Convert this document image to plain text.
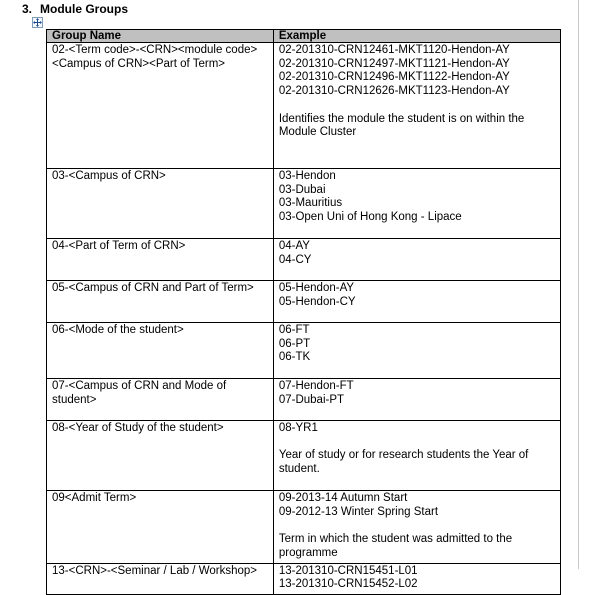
3. Module Groups
Group Name	Example

02-<Term code>-<CRN><module code><Campus of CRN><Part of Term>	02-201310-CRN12461-MKT1120-Hendon-AY
02-201310-CRN12497-MKT1121-Hendon-AY
02-201310-CRN12496-MKT1122-Hendon-AY
02-201310-CRN12626-MKT1123-Hendon-AY
Identifies the module the student is on within the Module Cluster

03-<Campus of CRN>	03-Hendon
03-Dubai
03-Mauritius
03-Open Uni of Hong Kong - Lipace

04-<Part of Term of CRN>	04-AY
04-CY

05-<Campus of CRN and Part of Term>	05-Hendon-AY
05-Hendon-CY

06-<Mode of the student>	06-FT
06-PT
06-TK

07-<Campus of CRN and Mode of student>	07-Hendon-FT
07-Dubai-PT

08-<Year of Study of the student>	08-YR1
Year of study or for research students the Year of student.

09<Admit Term>	09-2013-14 Autumn Start
09-2012-13 Winter Spring Start
Term in which the student was admitted to the programme

13-<CRN>-<Seminar / Lab / Workshop>	13-201310-CRN15451-L01
13-201310-CRN15452-L02
